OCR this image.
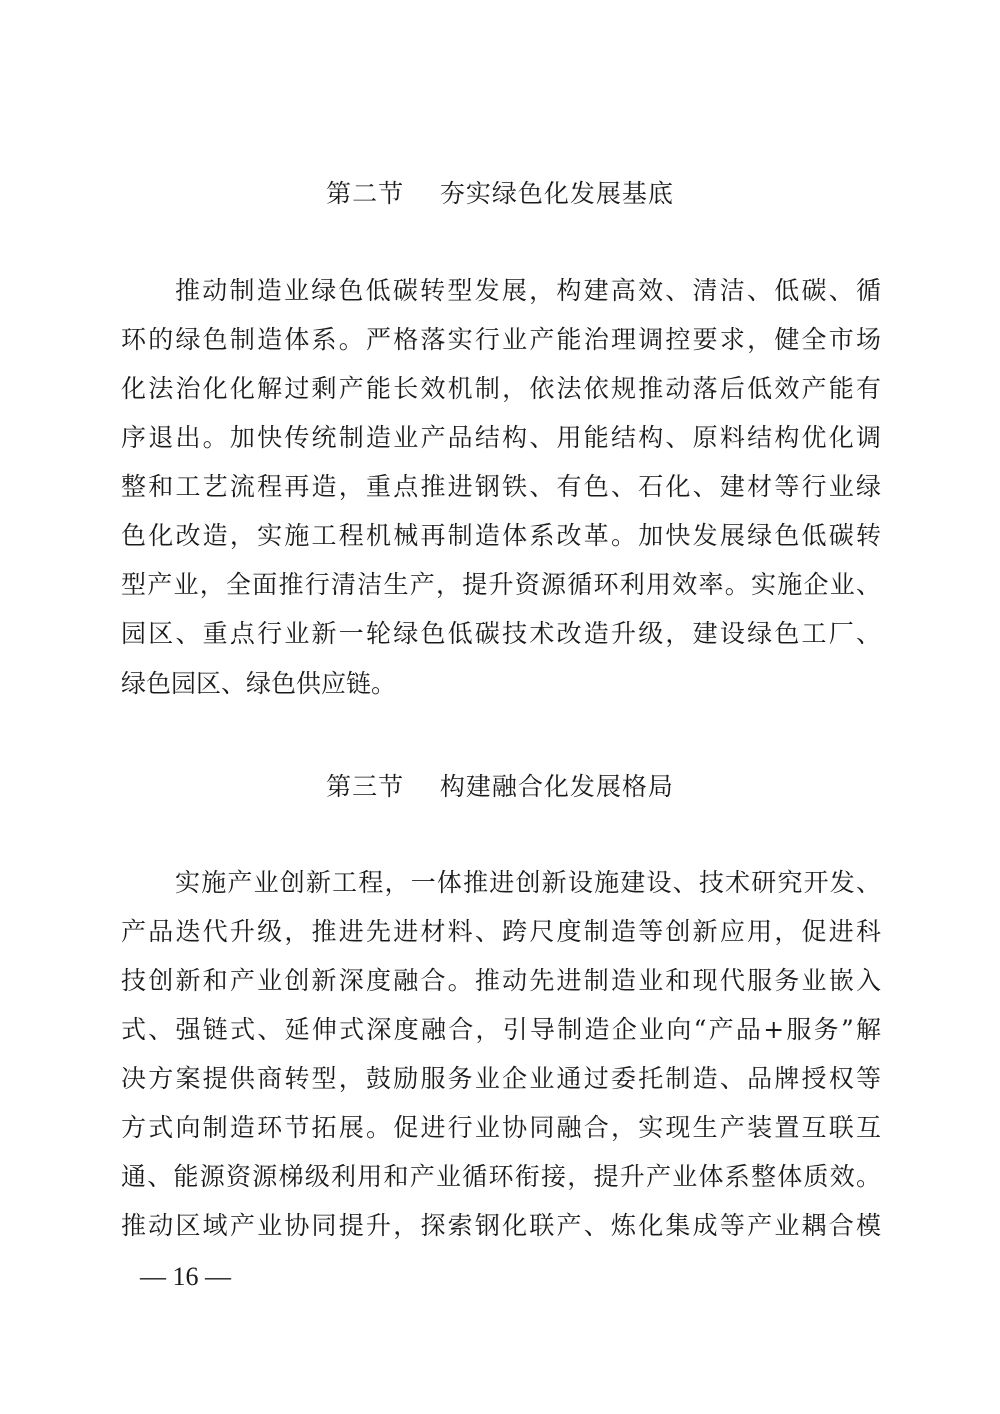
第二节    夯实绿色化发展基底
推动制造业绿色低碳转型发展，构建高效、清洁、低碳、循
环的绿色制造体系。严格落实行业产能治理调控要求，健全市场
化法治化化解过剩产能长效机制，依法依规推动落后低效产能有
序退出。加快传统制造业产品结构、用能结构、原料结构优化调
整和工艺流程再造，重点推进钢铁、有色、石化、建材等行业绿
色化改造，实施工程机械再制造体系改革。加快发展绿色低碳转
型产业，全面推行清洁生产，提升资源循环利用效率。实施企业、
园区、重点行业新一轮绿色低碳技术改造升级，建设绿色工厂、
绿色园区、绿色供应链。
第三节    构建融合化发展格局
实施产业创新工程，一体推进创新设施建设、技术研究开发、
产品迭代升级，推进先进材料、跨尺度制造等创新应用，促进科
技创新和产业创新深度融合。推动先进制造业和现代服务业嵌入
式、强链式、延伸式深度融合，引导制造企业向“产品+服务”解
决方案提供商转型，鼓励服务业企业通过委托制造、品牌授权等
方式向制造环节拓展。促进行业协同融合，实现生产装置互联互
通、能源资源梯级利用和产业循环衔接，提升产业体系整体质效。
推动区域产业协同提升，探索钢化联产、炼化集成等产业耦合模
— 16 —
